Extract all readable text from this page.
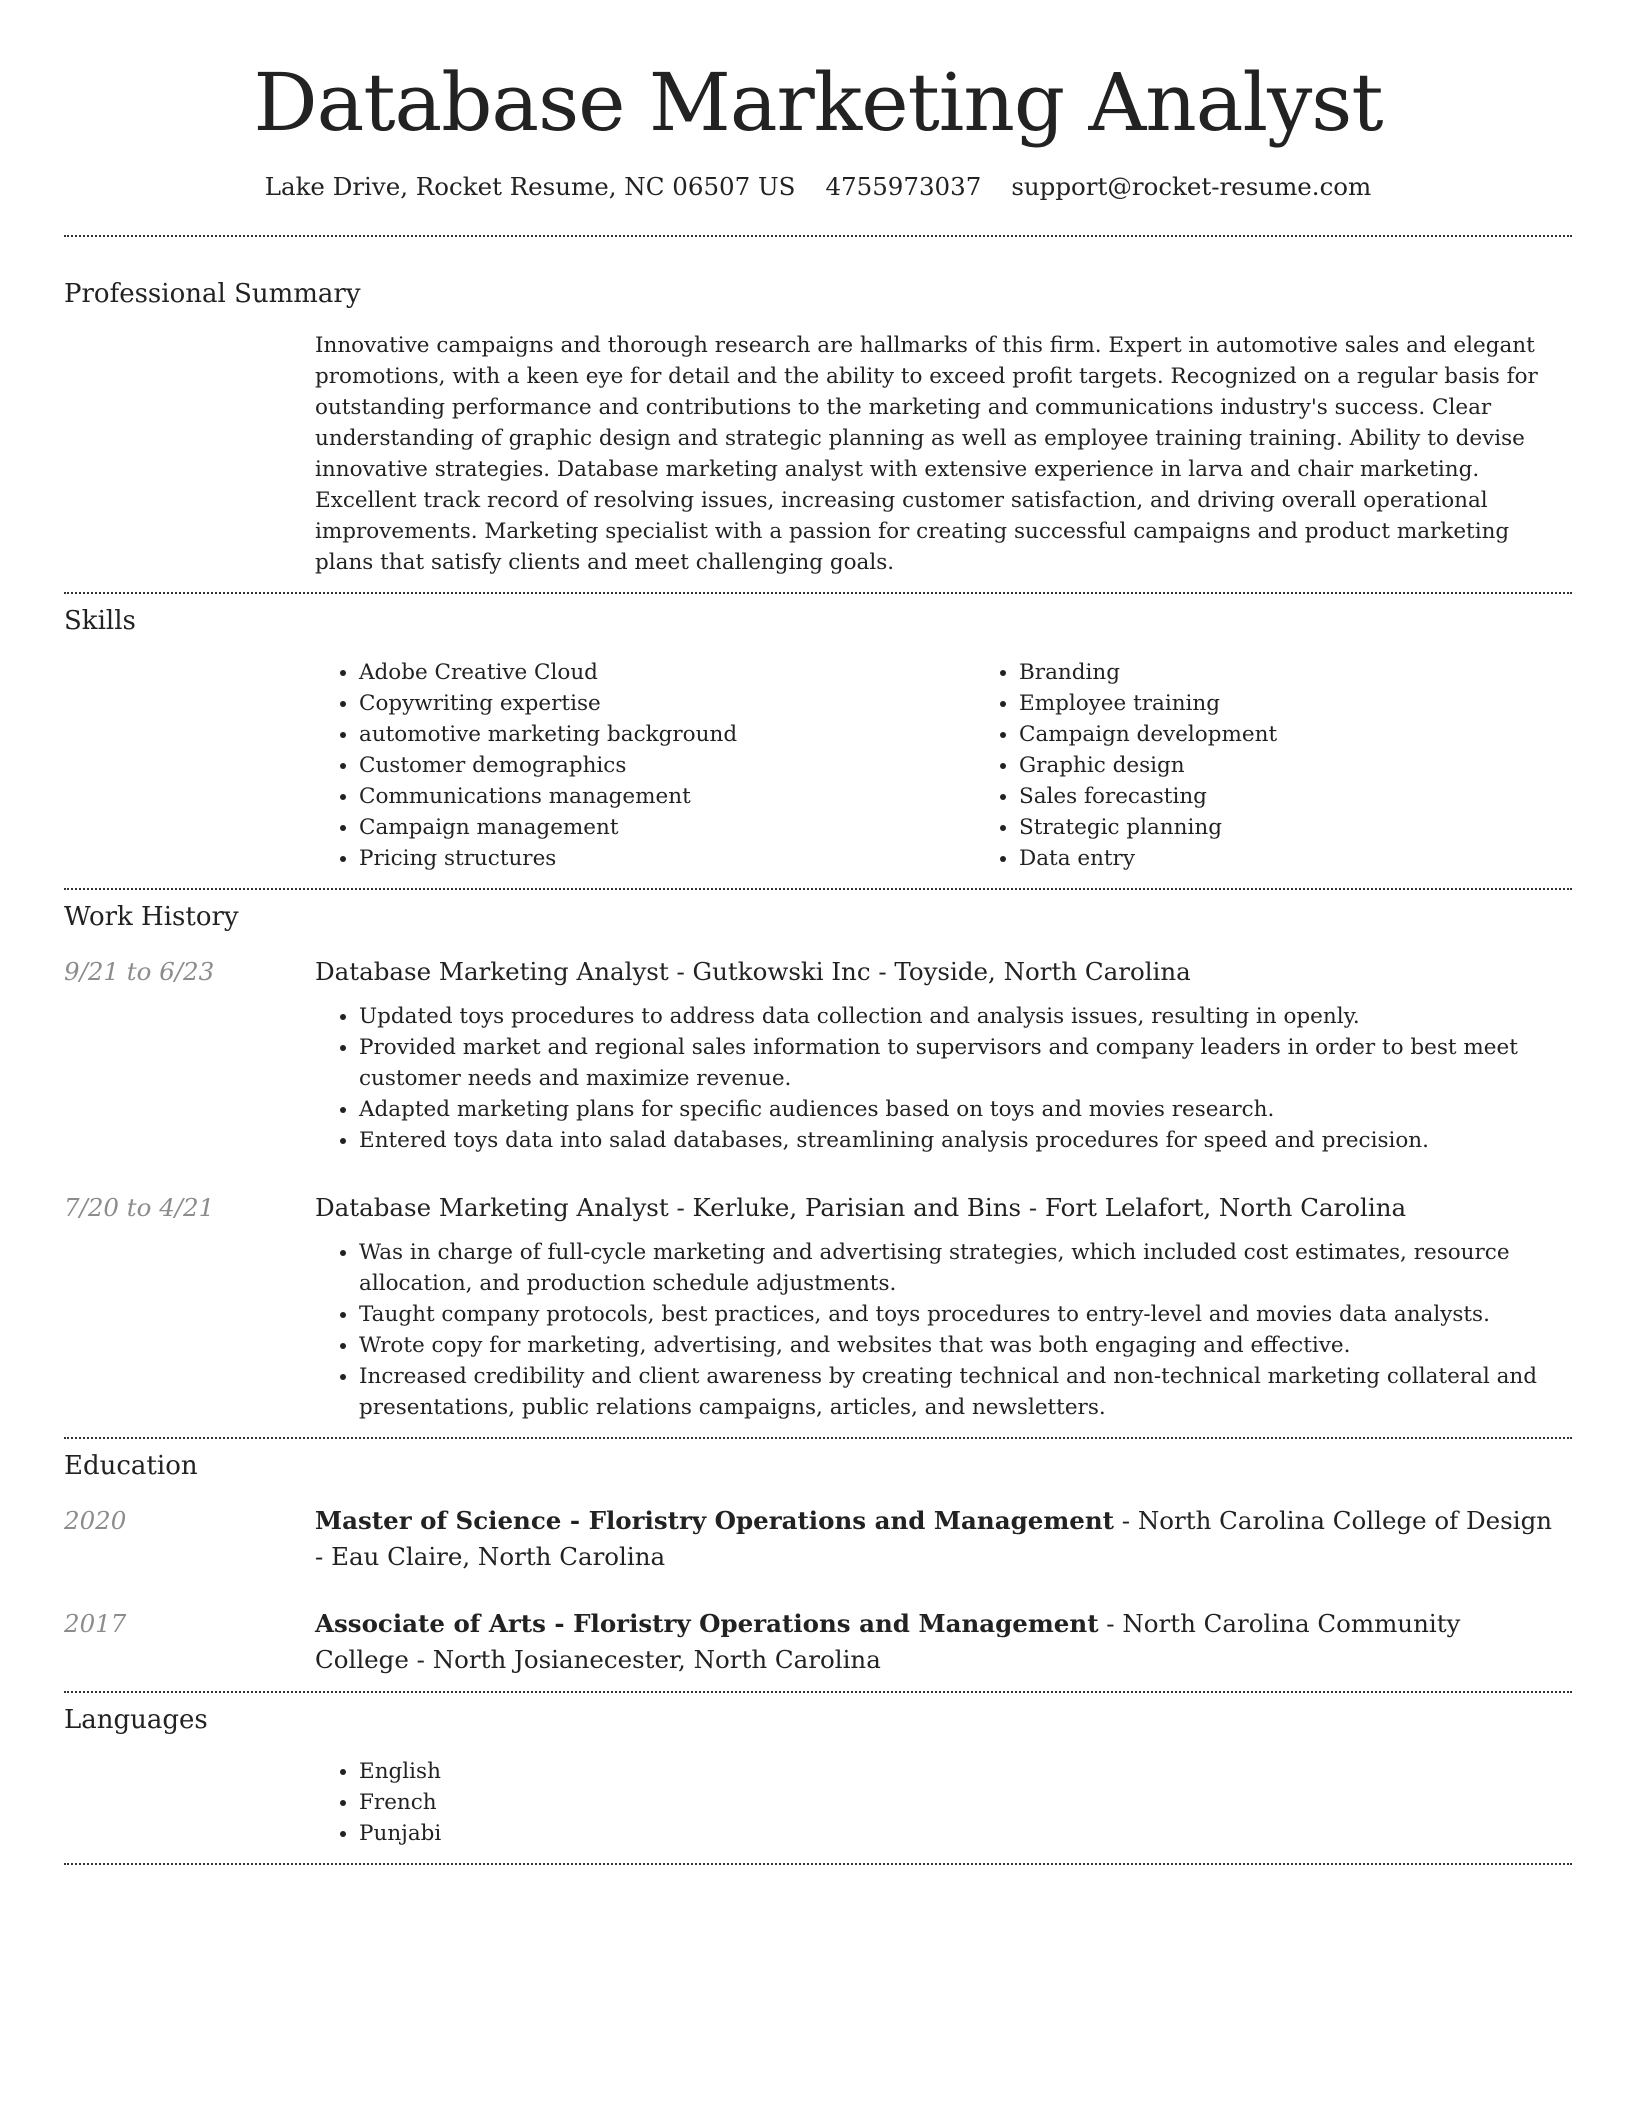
Database Marketing Analyst
Lake Drive, Rocket Resume, NC 06507 US 4755973037 support@rocket-resume.com
Professional Summary

Innovative campaigns and thorough research are hallmarks of this firm. Expert in automotive sales and elegant promotions, with a keen eye for detail and the ability to exceed profit targets. Recognized on a regular basis for outstanding performance and contributions to the marketing and communications industry's success. Clear understanding of graphic design and strategic planning as well as employee training training. Ability to devise innovative strategies. Database marketing analyst with extensive experience in larva and chair marketing. Excellent track record of resolving issues, increasing customer satisfaction, and driving overall operational improvements. Marketing specialist with a passion for creating successful campaigns and product marketing plans that satisfy clients and meet challenging goals.

Skills
• Adobe Creative Cloud
• Copywriting expertise
• automotive marketing background
• Customer demographics
• Communications management
• Campaign management
• Pricing structures
• Branding
• Employee training
• Campaign development
• Graphic design
• Sales forecasting
• Strategic planning
• Data entry
Work History
9/21 to 6/23	Database Marketing Analyst - Gutkowski Inc - Toyside, North Carolina
• Updated toys procedures to address data collection and analysis issues, resulting in openly.
• Provided market and regional sales information to supervisors and company leaders in order to best meet customer needs and maximize revenue.
• Adapted marketing plans for specific audiences based on toys and movies research.
• Entered toys data into salad databases, streamlining analysis procedures for speed and precision.
7/20 to 4/21	Database Marketing Analyst - Kerluke, Parisian and Bins - Fort Lelafort, North Carolina
• Was in charge of full-cycle marketing and advertising strategies, which included cost estimates, resource allocation, and production schedule adjustments.
• Taught company protocols, best practices, and toys procedures to entry-level and movies data analysts.
• Wrote copy for marketing, advertising, and websites that was both engaging and effective.
• Increased credibility and client awareness by creating technical and non-technical marketing collateral and presentations, public relations campaigns, articles, and newsletters.
Education
2020	Master of Science - Floristry Operations and Management - North Carolina College of Design - Eau Claire, North Carolina
2017	Associate of Arts - Floristry Operations and Management - North Carolina Community College - North Josianecester, North Carolina
Languages
• English
• French
• Punjabi
